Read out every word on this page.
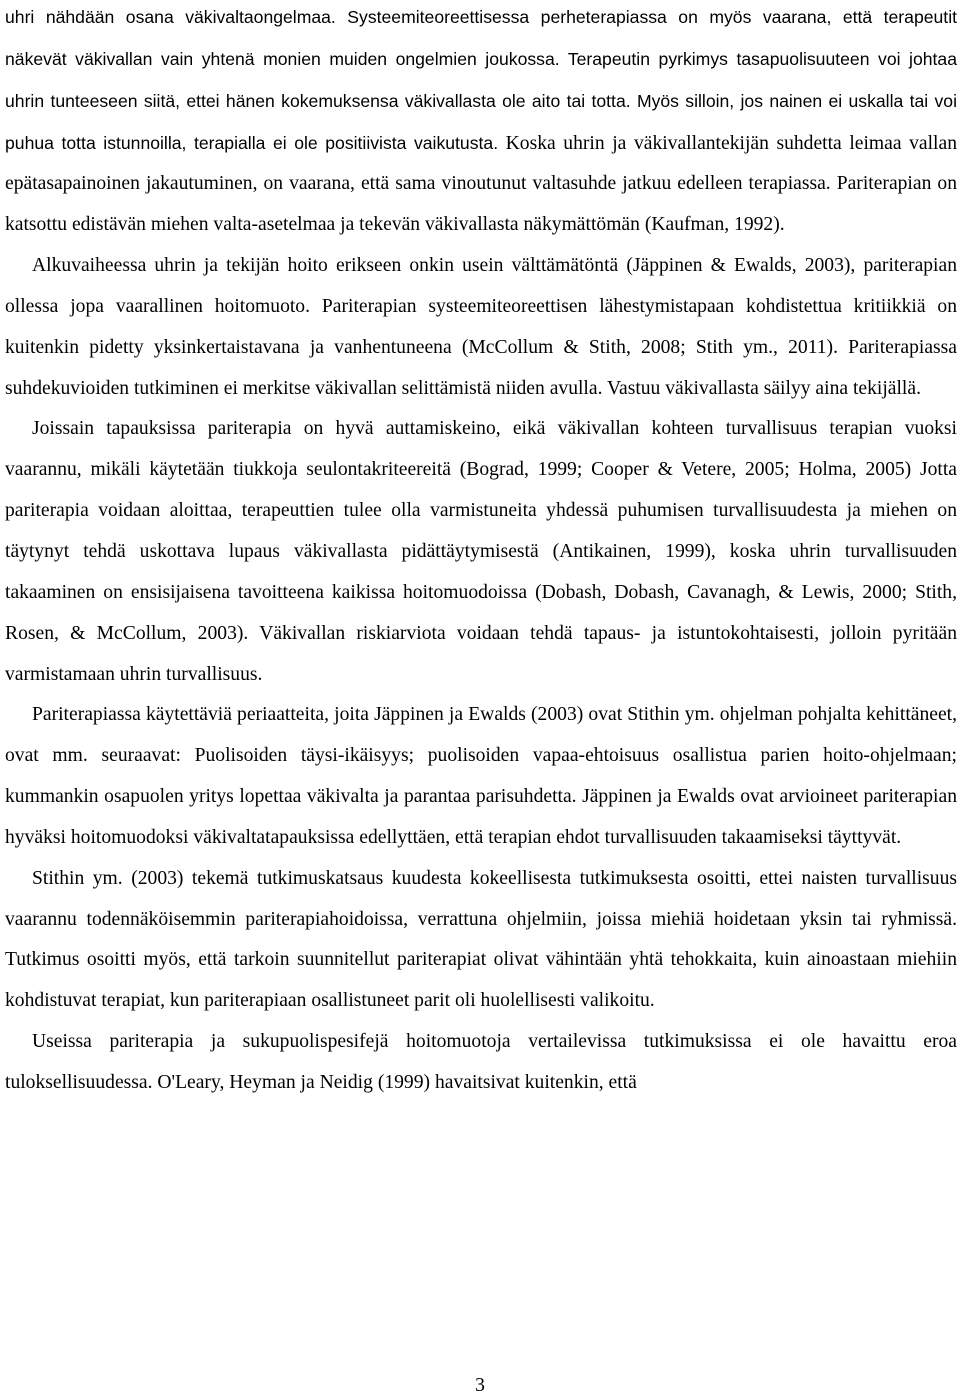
uhri nähdään osana väkivaltaongelmaa. Systeemiteoreettisessa perheterapiassa on myös vaarana, että terapeutit näkevät väkivallan vain yhtenä monien muiden ongelmien joukossa. Terapeutin pyrkimys tasapuolisuuteen voi johtaa uhrin tunteeseen siitä, ettei hänen kokemuksensa väkivallasta ole aito tai totta. Myös silloin, jos nainen ei uskalla tai voi puhua totta istunnoilla, terapialla ei ole positiivista vaikutusta. Koska uhrin ja väkivallantekijän suhdetta leimaa vallan epätasapainoinen jakautuminen, on vaarana, että sama vinoutunut valtasuhde jatkuu edelleen terapiassa. Pariterapian on katsottu edistävän miehen valta-asetelmaa ja tekevän väkivallasta näkymättömän (Kaufman, 1992).

Alkuvaiheessa uhrin ja tekijän hoito erikseen onkin usein välttämätöntä (Jäppinen & Ewalds, 2003), pariterapian ollessa jopa vaarallinen hoitomuoto. Pariterapian systeemiteoreettisen lähestymistapaan kohdistettua kritiikkiä on kuitenkin pidetty yksinkertaistavana ja vanhentuneena (McCollum & Stith, 2008; Stith ym., 2011). Pariterapiassa suhdekuvioiden tutkiminen ei merkitse väkivallan selittämistä niiden avulla. Vastuu väkivallasta säilyy aina tekijällä.

Joissain tapauksissa pariterapia on hyvä auttamiskeino, eikä väkivallan kohteen turvallisuus terapian vuoksi vaarannu, mikäli käytetään tiukkoja seulontakriteereitä (Bograd, 1999; Cooper & Vetere, 2005; Holma, 2005) Jotta pariterapia voidaan aloittaa, terapeuttien tulee olla varmistuneita yhdessä puhumisen turvallisuudesta ja miehen on täytynyt tehdä uskottava lupaus väkivallasta pidättäytymisestä (Antikainen, 1999), koska uhrin turvallisuuden takaaminen on ensisijaisena tavoitteena kaikissa hoitomuodoissa (Dobash, Dobash, Cavanagh, & Lewis, 2000; Stith, Rosen, & McCollum, 2003). Väkivallan riskiarviota voidaan tehdä tapaus- ja istuntokohtaisesti, jolloin pyritään varmistamaan uhrin turvallisuus.

Pariterapiassa käytettäviä periaatteita, joita Jäppinen ja Ewalds (2003) ovat Stithin ym. ohjelman pohjalta kehittäneet, ovat mm. seuraavat: Puolisoiden täysi-ikäisyys; puolisoiden vapaa-ehtoisuus osallistua parien hoito-ohjelmaan; kummankin osapuolen yritys lopettaa väkivalta ja parantaa parisuhdetta. Jäppinen ja Ewalds ovat arvioineet pariterapian hyväksi hoitomuodoksi väkivaltatapauksissa edellyttäen, että terapian ehdot turvallisuuden takaamiseksi täyttyvät.

Stithin ym. (2003) tekemä tutkimuskatsaus kuudesta kokeellisesta tutkimuksesta osoitti, ettei naisten turvallisuus vaarannu todennäköisemmin pariterapiahoidoissa, verrattuna ohjelmiin, joissa miehiä hoidetaan yksin tai ryhmissä. Tutkimus osoitti myös, että tarkoin suunnitellut pariterapiat olivat vähintään yhtä tehokkaita, kuin ainoastaan miehiin kohdistuvat terapiat, kun pariterapiaan osallistuneet parit oli huolellisesti valikoitu.

Useissa pariterapia ja sukupuolispesifejä hoitomuotoja vertailevissa tutkimuksissa ei ole havaittu eroa tuloksellisuudessa. O'Leary, Heyman ja Neidig (1999) havaitsivat kuitenkin, että

3
